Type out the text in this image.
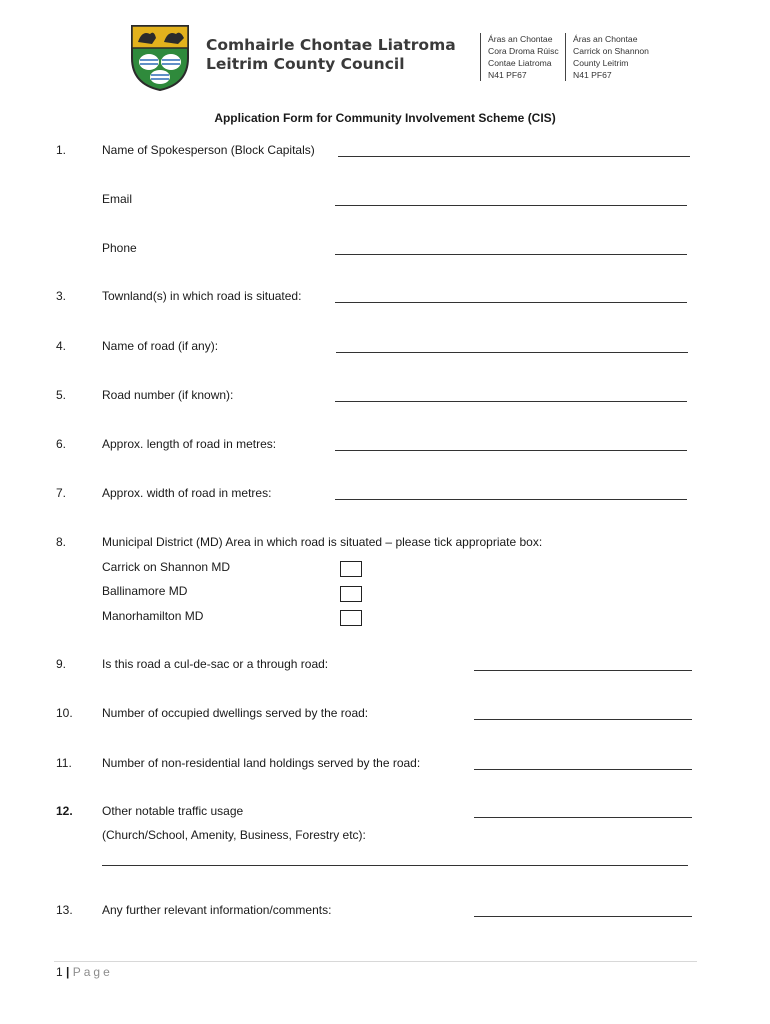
Comhairle Chontae Liatroma
Leitrim County Council
Áras an Chontae
Cora Droma Rúisc
Contae Liatroma
N41 PF67
Áras an Chontae
Carrick on Shannon
County Leitrim
N41 PF67
Application Form for Community Involvement Scheme (CIS)
1.	Name of Spokesperson (Block Capitals)
Email
Phone
3.	Townland(s) in which road is situated:
4.	Name of road (if any):
5.	Road number (if known):
6.	Approx. length of road in metres:
7.	Approx. width of road in metres:
8.	Municipal District (MD) Area in which road is situated – please tick appropriate box:
Carrick on Shannon MD
Ballinamore MD
Manorhamilton MD
9.	Is this road a cul-de-sac or a through road:
10. Number of occupied dwellings served by the road:
11.	Number of non-residential land holdings served by the road:
12. Other notable traffic usage
(Church/School, Amenity, Business, Forestry etc):
13. Any further relevant information/comments:
1 | Page
